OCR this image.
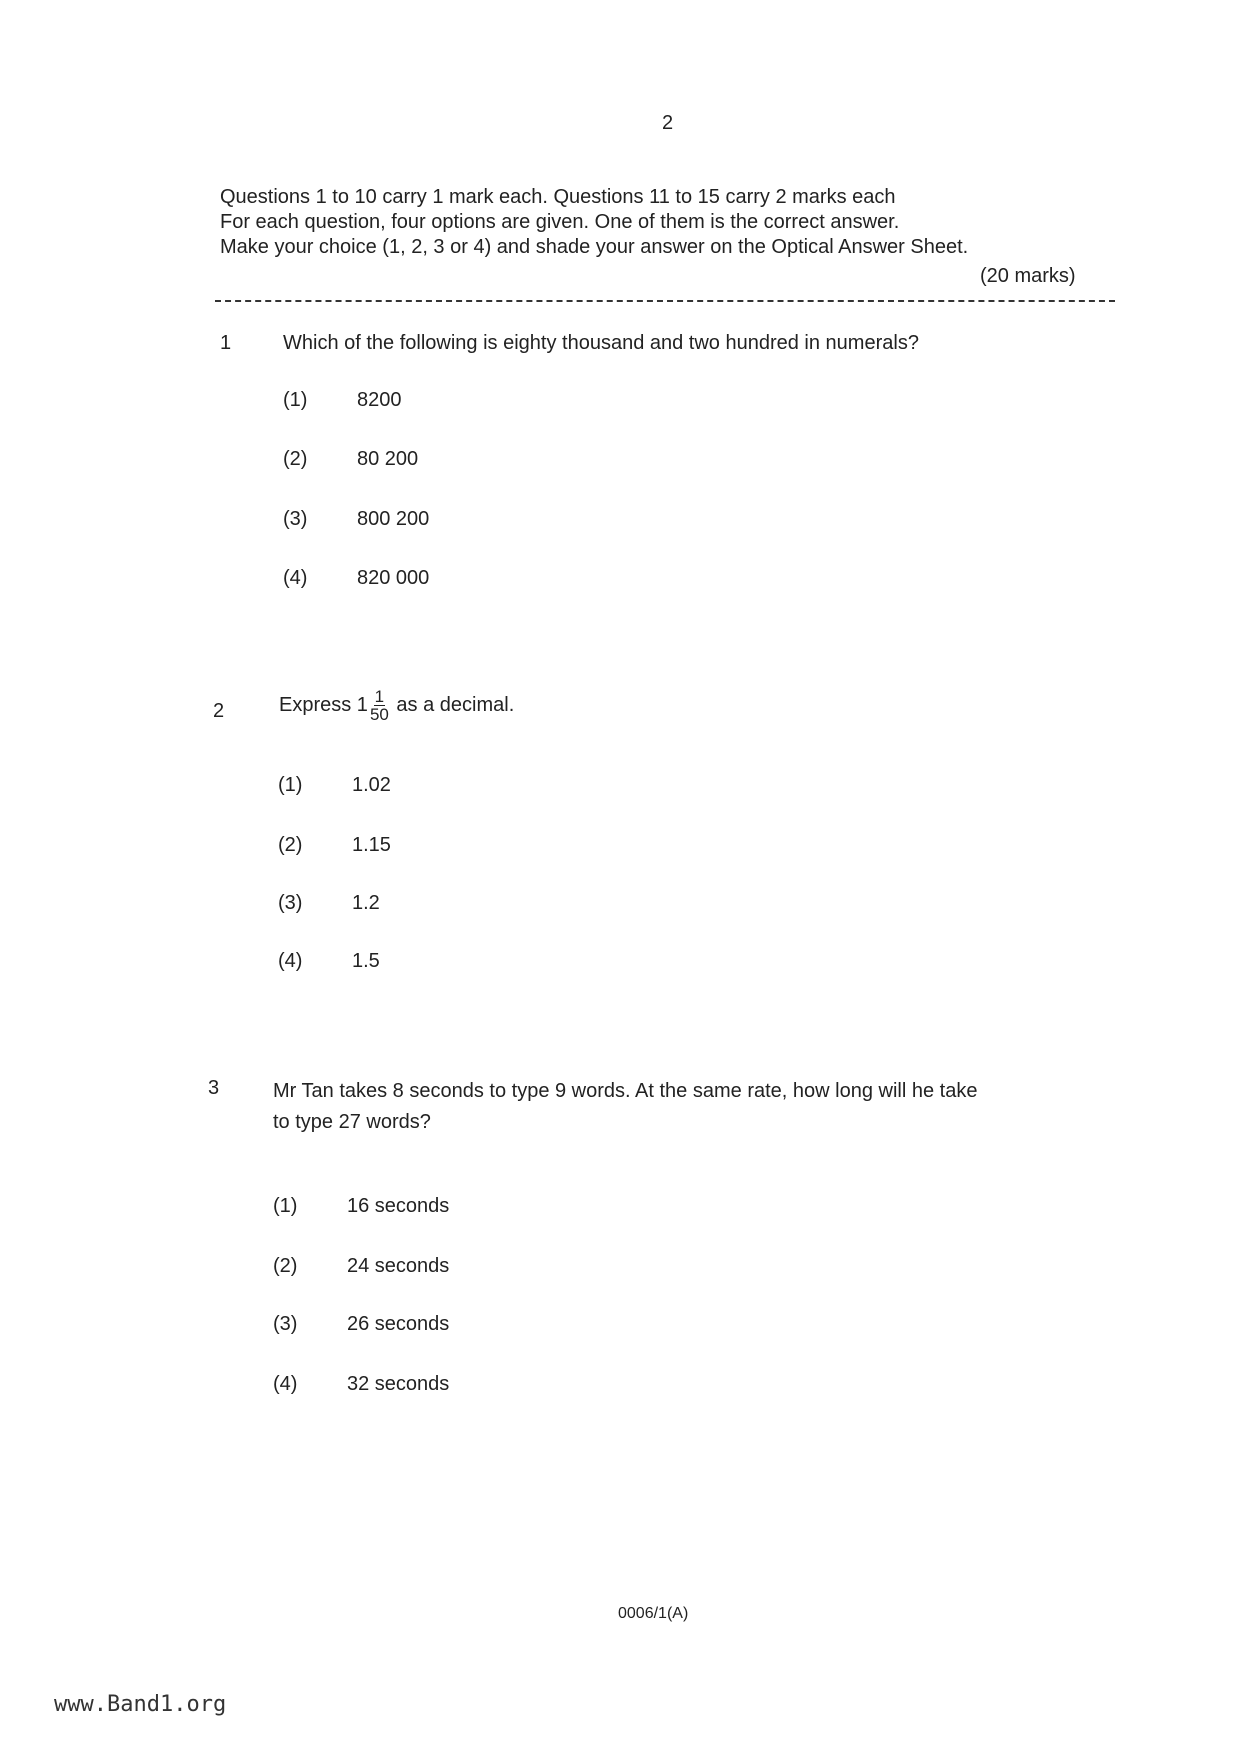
2
Questions 1 to 10 carry 1 mark each. Questions 11 to 15 carry 2 marks each
For each question, four options are given. One of them is the correct answer.
Make your choice (1, 2, 3 or 4) and shade your answer on the Optical Answer Sheet.
(20 marks)
1	Which of the following is eighty thousand and two hundred in numerals?
(1) 8200
(2) 80 200
(3) 800 200
(4) 820 000
2	Express $1 \frac{1}{50}$ as a decimal.
(1) 1.02
(2) 1.15
(3) 1.2
(4) 1.5
3	Mr Tan takes 8 seconds to type 9 words. At the same rate, how long will he take
to type 27 words?
(1) 16 seconds
(2) 24 seconds
(3) 26 seconds
(4) 32 seconds
0006/1(A)
www.Band1.org
